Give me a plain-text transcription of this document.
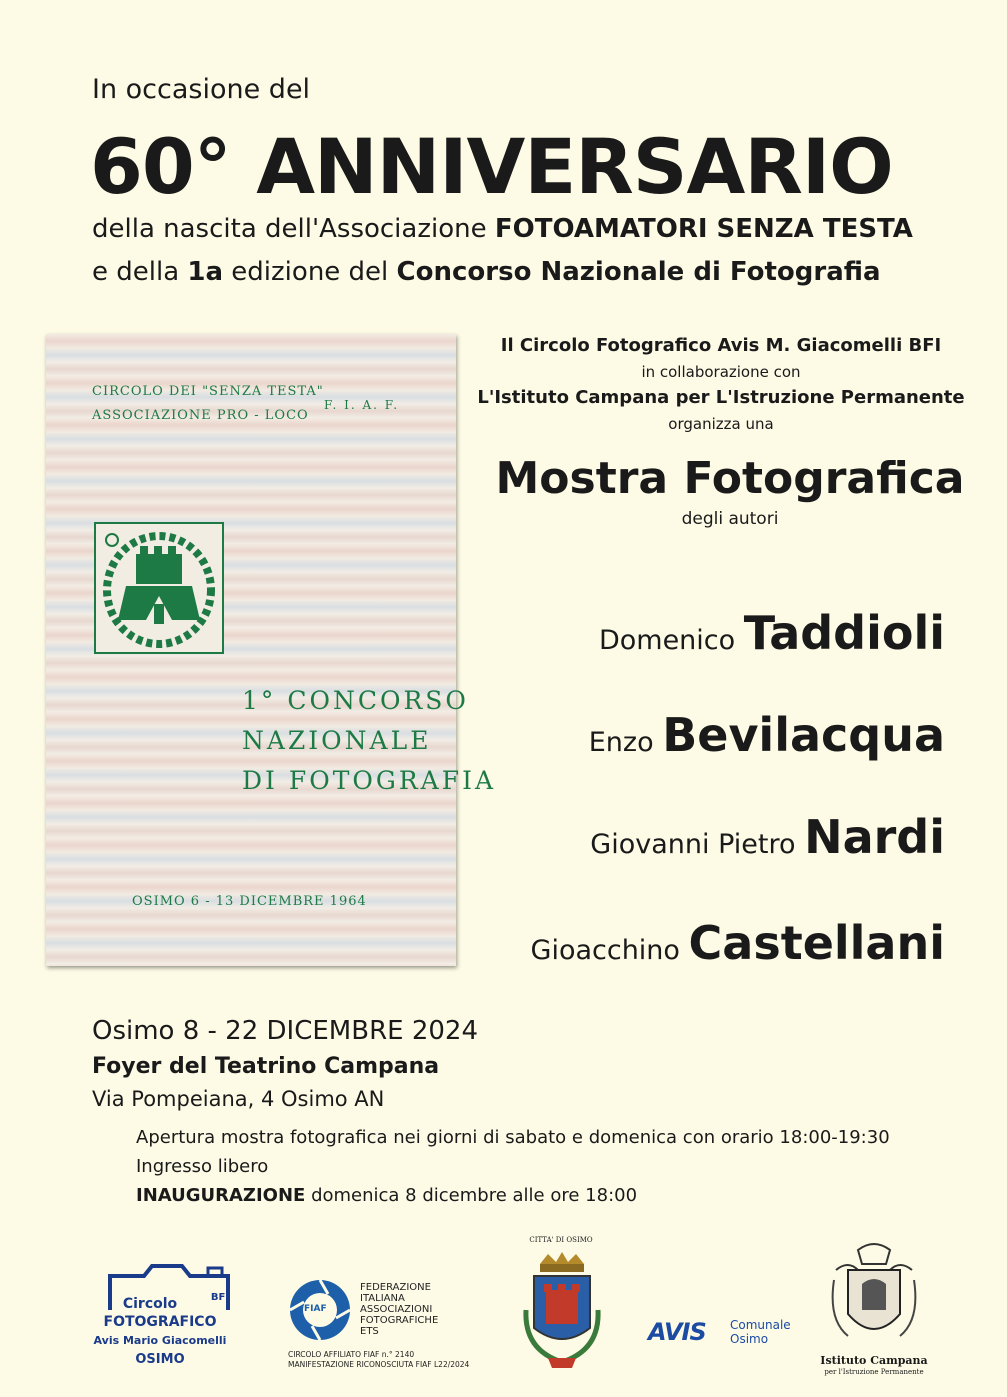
In occasione del
60° ANNIVERSARIO
della nascita dell'Associazione FOTOAMATORI SENZA TESTA
e della 1a edizione del Concorso Nazionale di Fotografia
CIRCOLO DEI "SENZA TESTA"
ASSOCIAZIONE PRO - LOCO
F. I. A. F.
1° CONCORSO
NAZIONALE
DI FOTOGRAFIA
OSIMO 6 - 13 DICEMBRE 1964
Il Circolo Fotografico Avis M. Giacomelli BFI
in collaborazione con
L'Istituto Campana per L'Istruzione Permanente
organizza una
Mostra Fotografica
degli autori
Domenico Taddioli
Enzo Bevilacqua
Giovanni Pietro Nardi
Gioacchino Castellani
Osimo 8 - 22 DICEMBRE 2024
Foyer del Teatrino Campana
Via Pompeiana, 4 Osimo AN
Apertura mostra fotografica nei giorni di sabato e domenica con orario 18:00-19:30
Ingresso libero
INAUGURAZIONE domenica 8 dicembre alle ore 18:00
Circolo	BFI
FOTOGRAFICO
Avis Mario Giacomelli
OSIMO
FIAF
FEDERAZIONE
ITALIANA
ASSOCIAZIONI
FOTOGRAFICHE
ETS
CIRCOLO AFFILIATO FIAF n.° 2140
MANIFESTAZIONE RICONOSCIUTA FIAF L22/2024
CITTA' DI OSIMO
AVIS Comunale
Osimo
Istituto Campana
per l'Istruzione Permanente
